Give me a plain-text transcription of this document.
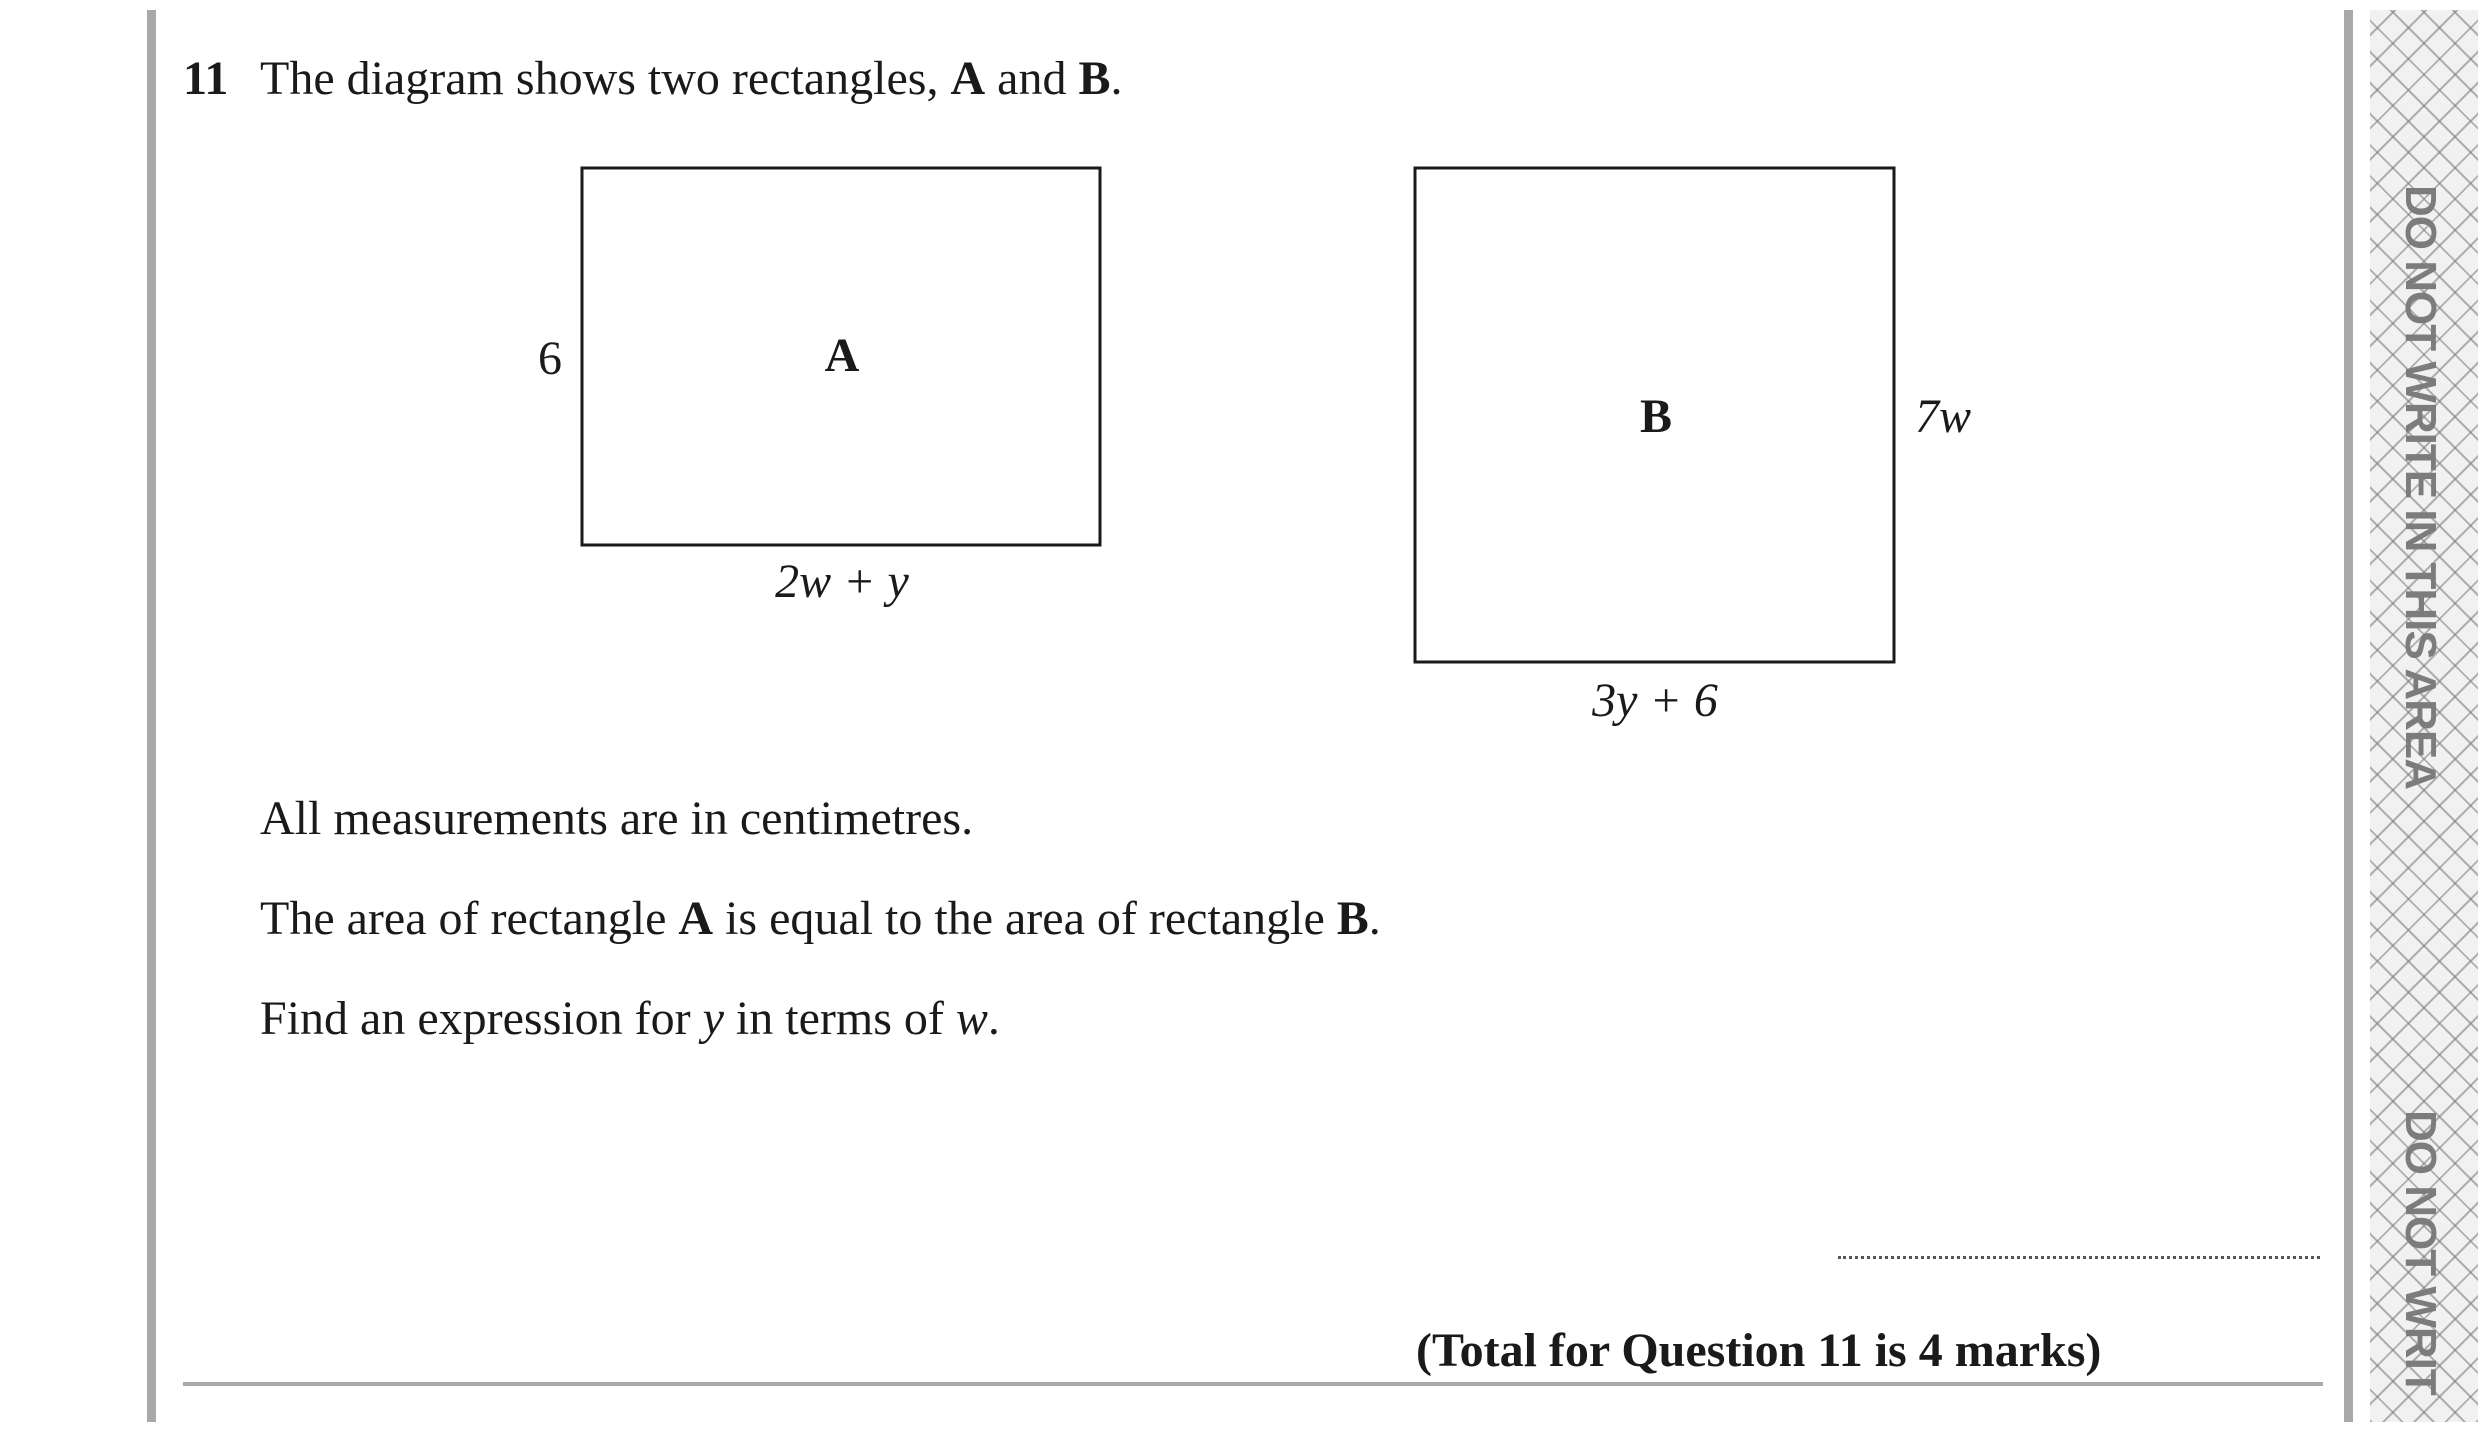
DO NOT WRITE IN THIS AREA
DO NOT WRIT
11 The diagram shows two rectangles, A and B.
A
6
2w + y
B	7w
3y + 6
All measurements are in centimetres.
The area of rectangle A is equal to the area of rectangle B.
Find an expression for y in terms of w.
(Total for Question 11 is 4 marks)
